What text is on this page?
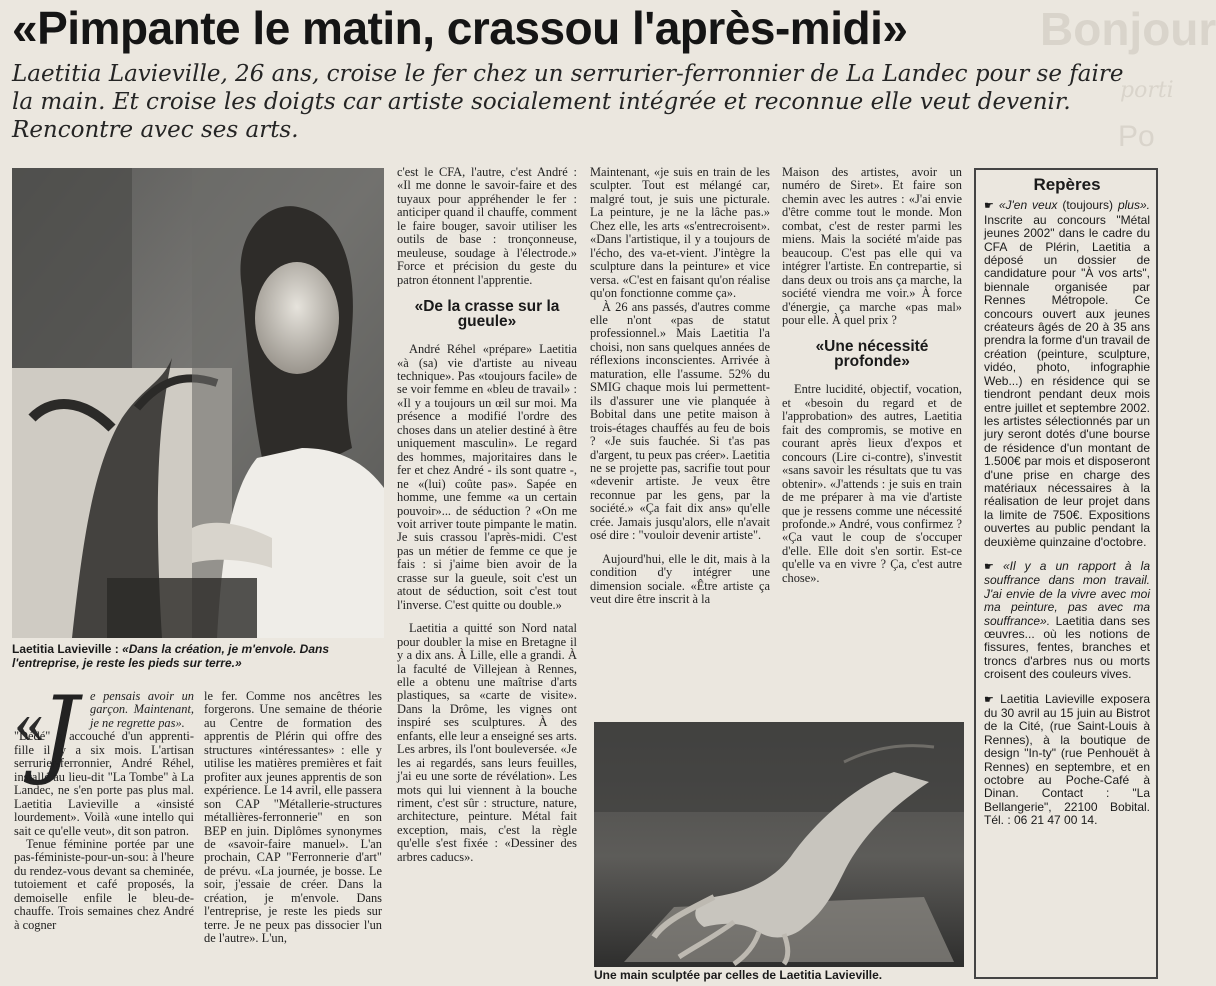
Bonjour
porti
Po
«Pimpante le matin, crassou l'après-midi»
Laetitia Lavieville, 26 ans, croise le fer chez un serrurier-ferronnier de La Landec pour se faire la main. Et croise les doigts car artiste socialement intégrée et reconnue elle veut devenir. Rencontre avec ses arts.
Laetitia Lavieville : «Dans la création, je m'envole. Dans l'entreprise, je reste les pieds sur terre.»
«
J e pensais avoir un garçon. Maintenant, je ne regrette pas».

"Dédé" a accouché d'un apprenti-fille il y a six mois. L'artisan serrurier-ferronnier, André Réhel, installé au lieu-dit "La Tombe" à La Landec, ne s'en porte pas plus mal. Laetitia Lavieville a «insisté lourdement». Voilà «une intello qui sait ce qu'elle veut», dit son patron.

Tenue féminine portée par une pas-féministe-pour-un-sou: à l'heure du rendez-vous devant sa cheminée, tutoiement et café proposés, la demoiselle enfile le bleu-de-chauffe. Trois semaines chez André à cogner

le fer. Comme nos ancêtres les forgerons. Une semaine de théorie au Centre de formation des apprentis de Plérin qui offre des structures «intéressantes» : elle y utilise les matières premières et fait profiter aux jeunes apprentis de son expérience. Le 14 avril, elle passera son CAP "Métallerie-structures métallières-ferronnerie" en son BEP en juin. Diplômes synonymes de «savoir-faire manuel». L'an prochain, CAP "Ferronnerie d'art" de prévu. «La journée, je bosse. Le soir, j'essaie de créer. Dans la création, je m'envole. Dans l'entreprise, je reste les pieds sur terre. Je ne peux pas dissocier l'un de l'autre». L'un,

c'est le CFA, l'autre, c'est André : «Il me donne le savoir-faire et des tuyaux pour appréhender le fer : anticiper quand il chauffe, comment le faire bouger, savoir utiliser les outils de base : tronçonneuse, meuleuse, soudage à l'électrode.» Force et précision du geste du patron étonnent l'apprentie.

«De la crasse sur la gueule»

André Réhel «prépare» Laetitia «à (sa) vie d'artiste au niveau technique». Pas «toujours facile» de se voir femme en «bleu de travail» : «Il y a toujours un œil sur moi. Ma présence a modifié l'ordre des choses dans un atelier destiné à être uniquement masculin». Le regard des hommes, majoritaires dans le fer et chez André - ils sont quatre -, ne «(lui) coûte pas». Sapée en homme, une femme «a un certain pouvoir»... de séduction ? «On me voit arriver toute pimpante le matin. Je suis crassou l'après-midi. C'est pas un métier de femme ce que je fais : si j'aime bien avoir de la crasse sur la gueule, soit c'est un atout de séduction, soit c'est tout l'inverse. C'est quitte ou double.»

Laetitia a quitté son Nord natal pour doubler la mise en Bretagne il y a dix ans. À Lille, elle a grandi. À la faculté de Villejean à Rennes, elle a obtenu une maîtrise d'arts plastiques, sa «carte de visite». Dans la Drôme, les vignes ont inspiré ses sculptures. À des enfants, elle leur a enseigné ses arts. Les arbres, ils l'ont bouleversée. «Je les ai regardés, sans leurs feuilles, j'ai eu une sorte de révélation». Les mots qui lui viennent à la bouche riment, c'est sûr : structure, nature, architecture, peinture. Métal fait exception, mais, c'est la règle qu'elle s'est fixée : «Dessiner des arbres caducs».

Maintenant, «je suis en train de les sculpter. Tout est mélangé car, malgré tout, je suis une picturale. La peinture, je ne la lâche pas.» Chez elle, les arts «s'entrecroisent». «Dans l'artistique, il y a toujours de l'écho, des va-et-vient. J'intègre la sculpture dans la peinture» et vice versa. «C'est en faisant qu'on réalise qu'on fonctionne comme ça».

À 26 ans passés, d'autres comme elle n'ont «pas de statut professionnel.» Mais Laetitia l'a choisi, non sans quelques années de réflexions inconscientes. Arrivée à maturation, elle l'assume. 52% du SMIG chaque mois lui permettent-ils d'assurer une vie planquée à Bobital dans une petite maison à trois-étages chauffés au feu de bois ? «Je suis fauchée. Si t'as pas d'argent, tu peux pas créer». Laetitia ne se projette pas, sacrifie tout pour «devenir artiste. Je veux être reconnue par les gens, par la société.» «Ça fait dix ans» qu'elle crée. Jamais jusqu'alors, elle n'avait osé dire : "vouloir devenir artiste".

Aujourd'hui, elle le dit, mais à la condition d'y intégrer une dimension sociale. «Être artiste ça veut dire être inscrit à la

Maison des artistes, avoir un numéro de Siret». Et faire son chemin avec les autres : «J'ai envie d'être comme tout le monde. Mon combat, c'est de rester parmi les miens. Mais la société m'aide pas beaucoup. C'est pas elle qui va intégrer l'artiste. En contrepartie, si dans deux ou trois ans ça marche, la société viendra me voir.» À force d'énergie, ça marche «pas mal» pour elle. À quel prix ?

«Une nécessité profonde»

Entre lucidité, objectif, vocation, et «besoin du regard et de l'approbation» des autres, Laetitia fait des compromis, se motive en courant après lieux d'expos et concours (Lire ci-contre), s'investit «sans savoir les résultats que tu vas obtenir». «J'attends : je suis en train de me préparer à ma vie d'artiste que je ressens comme une nécessité profonde.» André, vous confirmez ? «Ça vaut le coup de s'occuper d'elle. Elle doit s'en sortir. Est-ce qu'elle va en vivre ? Ça, c'est autre chose».

Une main sculptée par celles de Laetitia Lavieville.
Repères

☛ «J'en veux (toujours) plus». Inscrite au concours "Métal jeunes 2002" dans le cadre du CFA de Plérin, Laetitia a déposé un dossier de candidature pour "À vos arts", biennale organisée par Rennes Métropole. Ce concours ouvert aux jeunes créateurs âgés de 20 à 35 ans prendra la forme d'un travail de création (peinture, sculpture, vidéo, photo, infographie Web...) en résidence qui se tiendront pendant deux mois entre juillet et septembre 2002. les artistes sélectionnés par un jury seront dotés d'une bourse de résidence d'un montant de 1.500€ par mois et disposeront d'une prise en charge des matériaux nécessaires à la réalisation de leur projet dans la limite de 750€. Expositions ouvertes au public pendant la deuxième quinzaine d'octobre.

☛ «Il y a un rapport à la souffrance dans mon travail. J'ai envie de la vivre avec moi ma peinture, pas avec ma souffrance». Laetitia dans ses œuvres... où les notions de fissures, fentes, branches et troncs d'arbres nus ou morts croisent des couleurs vives.

☛ Laetitia Lavieville exposera du 30 avril au 15 juin au Bistrot de la Cité, (rue Saint-Louis à Rennes), à la boutique de design "In-ty" (rue Penhouët à Rennes) en septembre, et en octobre au Poche-Café à Dinan. Contact : "La Bellangerie", 22100 Bobital. Tél. : 06 21 47 00 14.
